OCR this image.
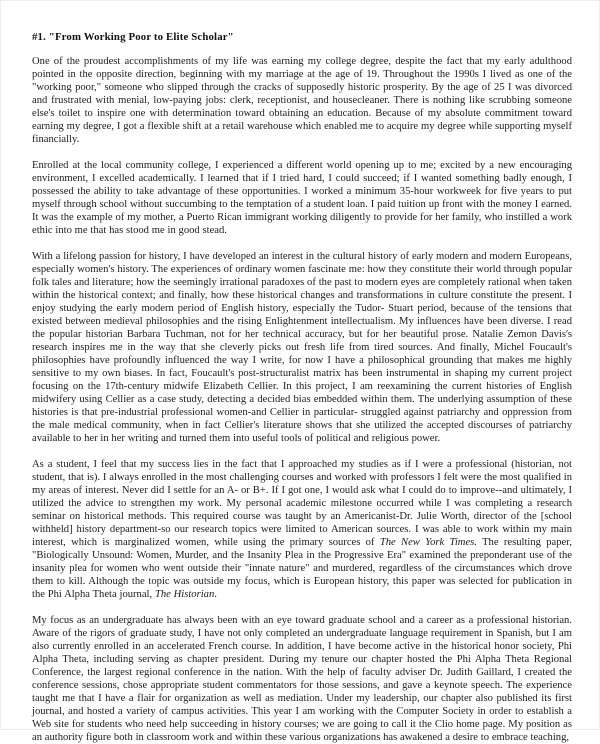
#1. "From Working Poor to Elite Scholar"

One of the proudest accomplishments of my life was earning my college degree, despite the fact that my early adulthood pointed in the opposite direction, beginning with my marriage at the age of 19. Throughout the 1990s I lived as one of the "working poor," someone who slipped through the cracks of supposedly historic prosperity. By the age of 25 I was divorced and frustrated with menial, low-paying jobs: clerk, receptionist, and housecleaner. There is nothing like scrubbing someone else's toilet to inspire one with determination toward obtaining an education. Because of my absolute commitment toward earning my degree, I got a flexible shift at a retail warehouse which enabled me to acquire my degree while supporting myself financially.

Enrolled at the local community college, I experienced a different world opening up to me; excited by a new encouraging environment, I excelled academically. I learned that if I tried hard, I could succeed; if I wanted something badly enough, I possessed the ability to take advantage of these opportunities. I worked a minimum 35-hour workweek for five years to put myself through school without succumbing to the temptation of a student loan. I paid tuition up front with the money I earned. It was the example of my mother, a Puerto Rican immigrant working diligently to provide for her family, who instilled a work ethic into me that has stood me in good stead.

With a lifelong passion for history, I have developed an interest in the cultural history of early modern and modern Europeans, especially women's history. The experiences of ordinary women fascinate me: how they constitute their world through popular folk tales and literature; how the seemingly irrational paradoxes of the past to modern eyes are completely rational when taken within the historical context; and finally, how these historical changes and transformations in culture constitute the present. I enjoy studying the early modern period of English history, especially the Tudor- Stuart period, because of the tensions that existed between medieval philosophies and the rising Enlightenment intellectualism. My influences have been diverse. I read the popular historian Barbara Tuchman, not for her technical accuracy, but for her beautiful prose. Natalie Zemon Davis's research inspires me in the way that she cleverly picks out fresh life from tired sources. And finally, Michel Foucault's philosophies have profoundly influenced the way I write, for now I have a philosophical grounding that makes me highly sensitive to my own biases. In fact, Foucault's post-structuralist matrix has been instrumental in shaping my current project focusing on the 17th-century midwife Elizabeth Cellier. In this project, I am reexamining the current histories of English midwifery using Cellier as a case study, detecting a decided bias embedded within them. The underlying assumption of these histories is that pre-industrial professional women-and Cellier in particular- struggled against patriarchy and oppression from the male medical community, when in fact Cellier's literature shows that she utilized the accepted discourses of patriarchy available to her in her writing and turned them into useful tools of political and religious power.

As a student, I feel that my success lies in the fact that I approached my studies as if I were a professional (historian, not student, that is). I always enrolled in the most challenging courses and worked with professors I felt were the most qualified in my areas of interest. Never did I settle for an A- or B+. If I got one, I would ask what I could do to improve--and ultimately, I utilized the advice to strengthen my work. My personal academic milestone occurred while I was completing a research seminar on historical methods. This required course was taught by an Americanist-Dr. Julie Worth, director of the [school withheld] history department-so our research topics were limited to American sources. I was able to work within my main interest, which is marginalized women, while using the primary sources of The New York Times. The resulting paper, "Biologically Unsound: Women, Murder, and the Insanity Plea in the Progressive Era" examined the preponderant use of the insanity plea for women who went outside their "innate nature" and murdered, regardless of the circumstances which drove them to kill. Although the topic was outside my focus, which is European history, this paper was selected for publication in the Phi Alpha Theta journal, The Historian.

My focus as an undergraduate has always been with an eye toward graduate school and a career as a professional historian. Aware of the rigors of graduate study, I have not only completed an undergraduate language requirement in Spanish, but I am also currently enrolled in an accelerated French course. In addition, I have become active in the historical honor society, Phi Alpha Theta, including serving as chapter president. During my tenure our chapter hosted the Phi Alpha Theta Regional Conference, the largest regional conference in the nation. With the help of faculty adviser Dr. Judith Gaillard, I created the conference sessions, chose appropriate student commentators for those sessions, and gave a keynote speech. The experience taught me that I have a flair for organization as well as mediation. Under my leadership, our chapter also published its first journal, and hosted a variety of campus activities. This year I am working with the Computer Society in order to establish a Web site for students who need help succeeding in history courses; we are going to call it the Clio home page. My position as an authority figure both in classroom work and within these various organizations has awakened a desire to embrace teaching,
